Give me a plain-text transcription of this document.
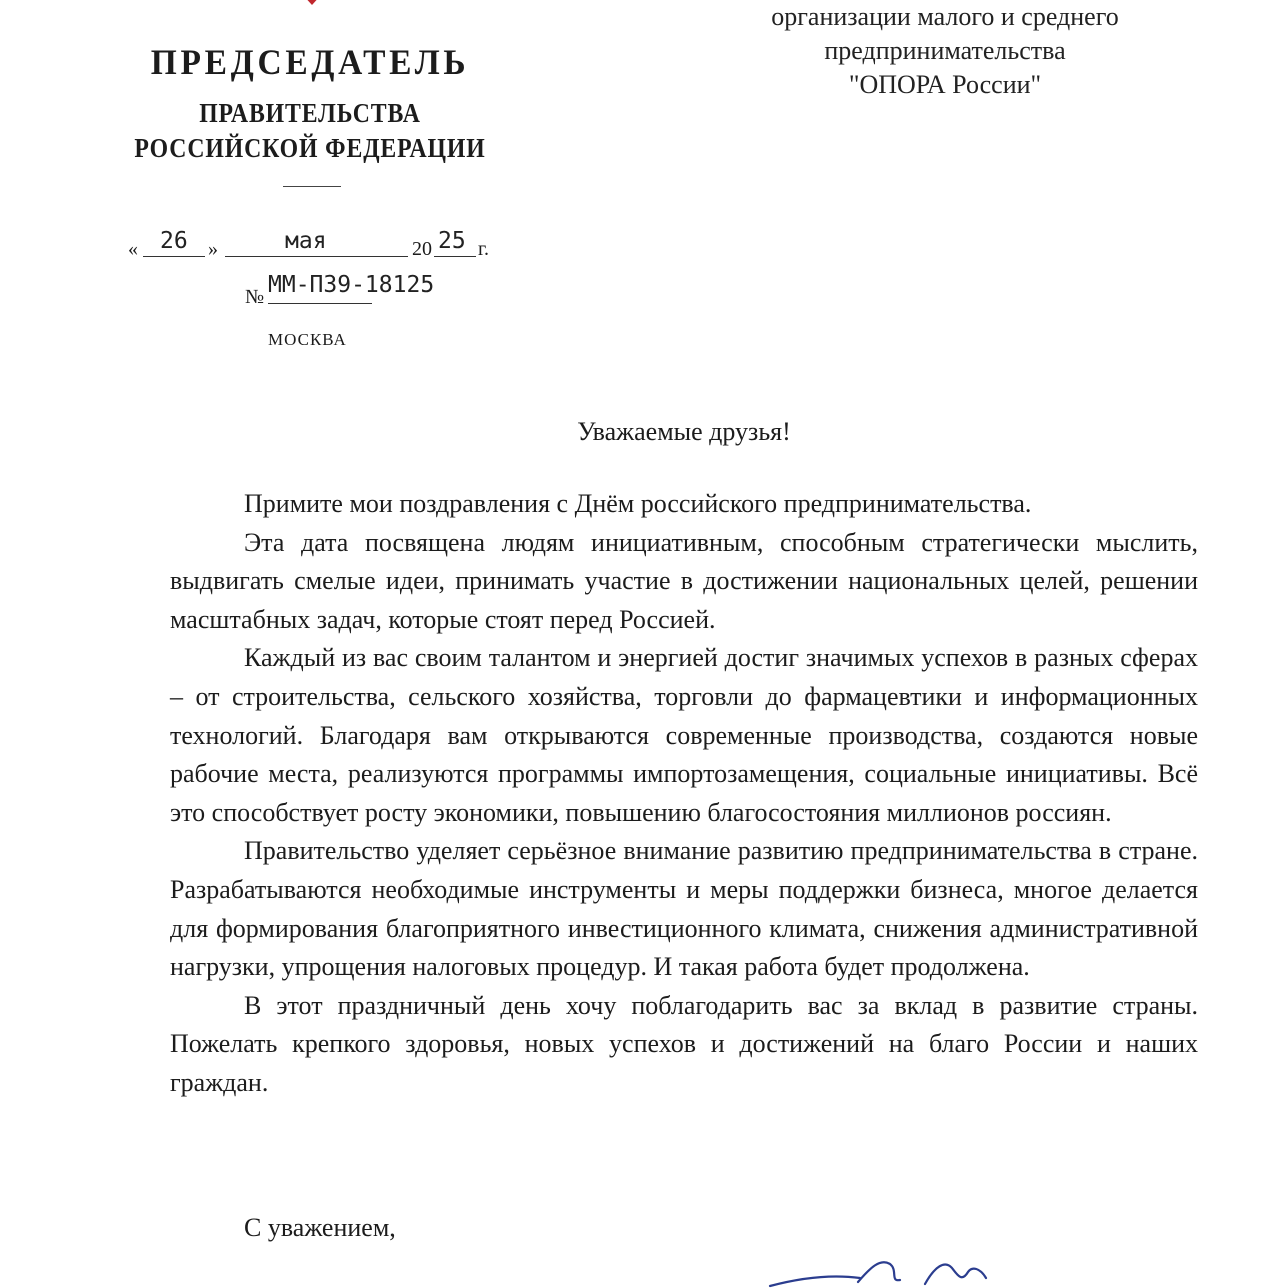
ПРЕДСЕДАТЕЛЬ
ПРАВИТЕЛЬСТВА
РОССИЙСКОЙ ФЕДЕРАЦИИ
« 26 »	мая	20 25 г.
№ ММ-П39-18125
МОСКВА
организации малого и среднего
предпринимательства
"ОПОРА России"
Уважаемые друзья!

Примите мои поздравления с Днём российского предпринимательства.

Эта дата посвящена людям инициативным, способным стратегически мыслить, выдвигать смелые идеи, принимать участие в достижении национальных целей, решении масштабных задач, которые стоят перед Россией.

Каждый из вас своим талантом и энергией достиг значимых успехов в разных сферах – от строительства, сельского хозяйства, торговли до фармацевтики и информационных технологий. Благодаря вам открываются современные производства, создаются новые рабочие места, реализуются программы импортозамещения, социальные инициативы. Всё это способствует росту экономики, повышению благосостояния миллионов россиян.

Правительство уделяет серьёзное внимание развитию предпринимательства в стране. Разрабатываются необходимые инструменты и меры поддержки бизнеса, многое делается для формирования благоприятного инвестиционного климата, снижения административной нагрузки, упрощения налоговых процедур. И такая работа будет продолжена.

В этот праздничный день хочу поблагодарить вас за вклад в развитие страны. Пожелать крепкого здоровья, новых успехов и достижений на благо России и наших граждан.

С уважением,
